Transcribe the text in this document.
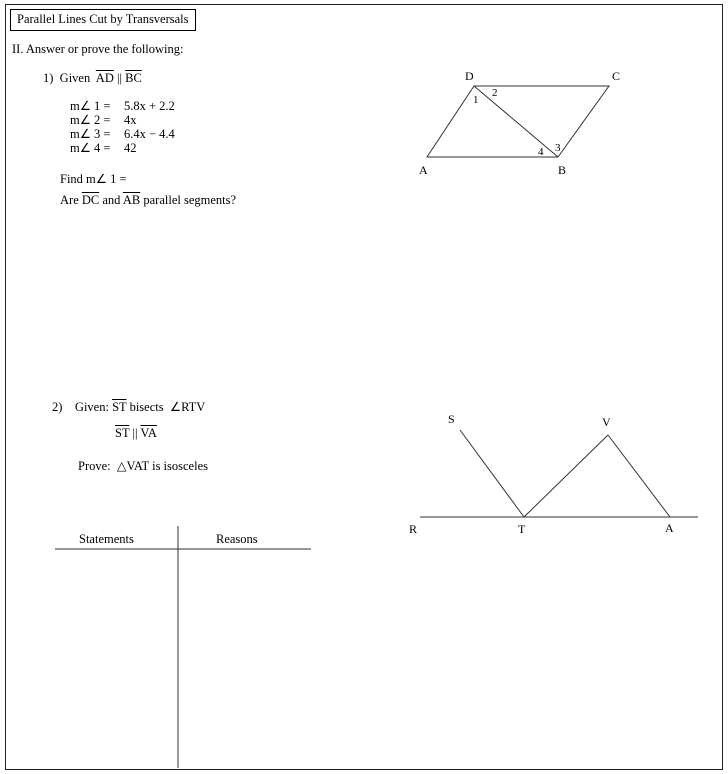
Parallel Lines Cut by Transversals
II. Answer or prove the following:
1) Given $\overline{AD}$ || $\overline{BC}$
m∠ 1 = 5.8x + 2.2
m∠ 2 = 4x
m∠ 3 = 6.4x − 4.4
m∠ 4 = 42
Find m∠ 1 =
Are $\overline{DC}$ and $\overline{AB}$ parallel segments?
D	C
A	B
1
2
3
4
S	V
R	T	A
2) Given: $\overline{ST}$ bisects ∠RTV
$\overline{ST}$ || $\overline{VA}$
Prove: △VAT is isosceles
Statements	Reasons
